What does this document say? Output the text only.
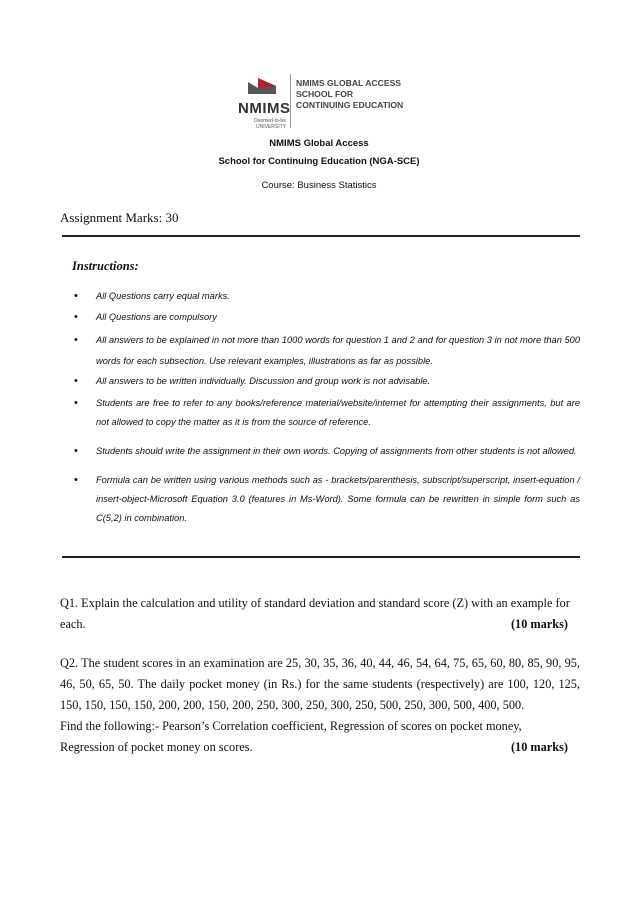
NMIMS
Deemed-to-be UNIVERSITY
NMIMS GLOBAL ACCESS
SCHOOL FOR
CONTINUING EDUCATION
NMIMS Global Access
School for Continuing Education (NGA-SCE)
Course: Business Statistics
Assignment Marks: 30
Instructions:
• All Questions carry equal marks.
• All Questions are compulsory
• All answers to be explained in not more than 1000 words for question 1 and 2 and for question 3 in not more than 500 words for each subsection. Use relevant examples, illustrations as far as possible.
• All answers to be written individually. Discussion and group work is not advisable.
• Students are free to refer to any books/reference material/website/internet for attempting their assignments, but are not allowed to copy the matter as it is from the source of reference.
• Students should write the assignment in their own words. Copying of assignments from other students is not allowed.
• Formula can be written using various methods such as - brackets/parenthesis, subscript/superscript, insert-equation / insert-object-Microsoft Equation 3.0 (features in Ms-Word). Some formula can be rewritten in simple form such as C(5,2) in combination.

Q1. Explain the calculation and utility of standard deviation and standard score (Z) with an example for

each.	(10 marks)

Q2. The student scores in an examination are 25, 30, 35, 36, 40, 44, 46, 54, 64, 75, 65, 60, 80, 85, 90, 95, 46, 50, 65, 50. The daily pocket money (in Rs.) for the same students (respectively) are 100, 120, 125, 150, 150, 150, 150, 200, 200, 150, 200, 250, 300, 250, 300, 250, 500, 250, 300, 500, 400, 500.

Find the following:- Pearson’s Correlation coefficient, Regression of scores on pocket money,

Regression of pocket money on scores.	(10 marks)
